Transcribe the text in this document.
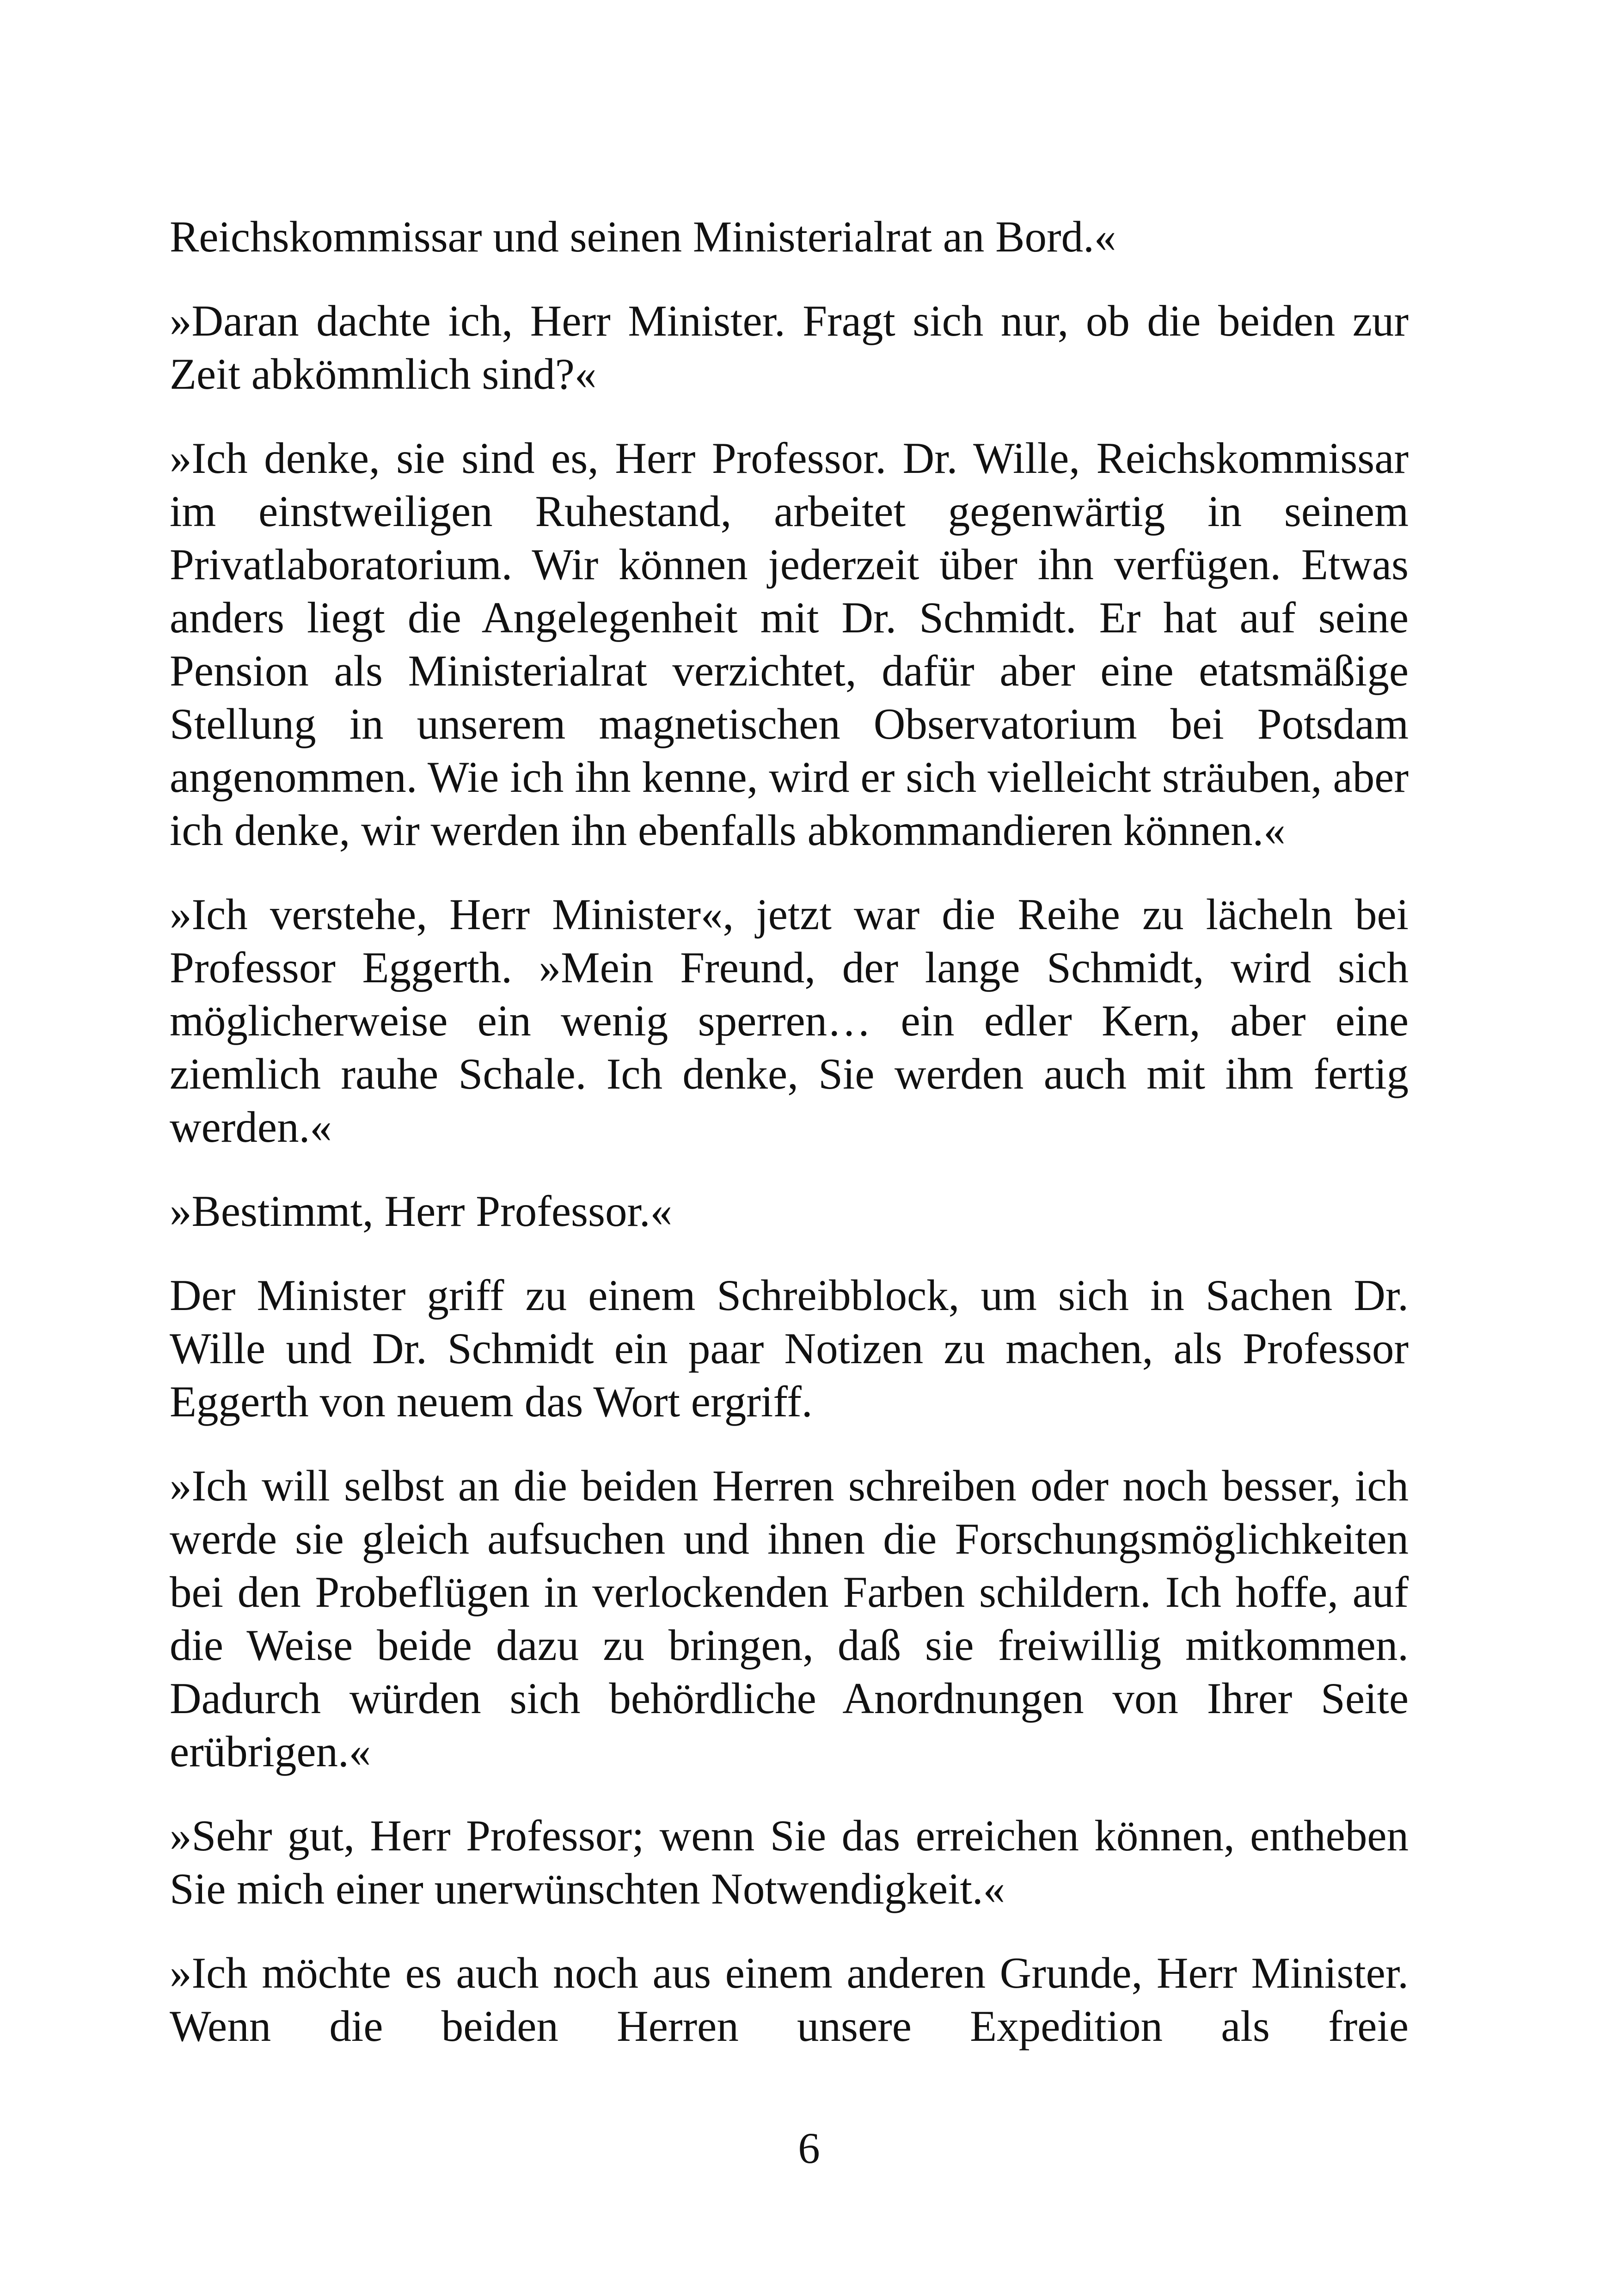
Reichskommissar und seinen Ministerialrat an Bord.«

»Daran dachte ich, Herr Minister. Fragt sich nur, ob die beiden zur Zeit abkömmlich sind?«

»Ich denke, sie sind es, Herr Professor. Dr. Wille, Reichskommissar im einstweiligen Ruhestand, arbeitet gegenwärtig in seinem Privatlaboratorium. Wir können jederzeit über ihn verfügen. Etwas anders liegt die Angelegenheit mit Dr. Schmidt. Er hat auf seine Pension als Ministerialrat verzichtet, dafür aber eine etatsmäßige Stellung in unserem magnetischen Observatorium bei Potsdam angenommen. Wie ich ihn kenne, wird er sich vielleicht sträuben, aber ich denke, wir werden ihn ebenfalls abkommandieren können.«

»Ich verstehe, Herr Minister«, jetzt war die Reihe zu lächeln bei Professor Eggerth. »Mein Freund, der lange Schmidt, wird sich möglicherweise ein wenig sperren… ein edler Kern, aber eine ziemlich rauhe Schale. Ich denke, Sie werden auch mit ihm fertig werden.«

»Bestimmt, Herr Professor.«

Der Minister griff zu einem Schreibblock, um sich in Sachen Dr. Wille und Dr. Schmidt ein paar Notizen zu machen, als Professor Eggerth von neuem das Wort ergriff.

»Ich will selbst an die beiden Herren schreiben oder noch besser, ich werde sie gleich aufsuchen und ihnen die Forschungsmöglichkeiten bei den Probeflügen in verlockenden Farben schildern. Ich hoffe, auf die Weise beide dazu zu bringen, daß sie freiwillig mitkommen. Dadurch würden sich behördliche Anordnungen von Ihrer Seite erübrigen.«

»Sehr gut, Herr Professor; wenn Sie das erreichen können, entheben Sie mich einer unerwünschten Notwendigkeit.«

»Ich möchte es auch noch aus einem anderen Grunde, Herr Minister. Wenn die beiden Herren unsere Expedition als freie

6
